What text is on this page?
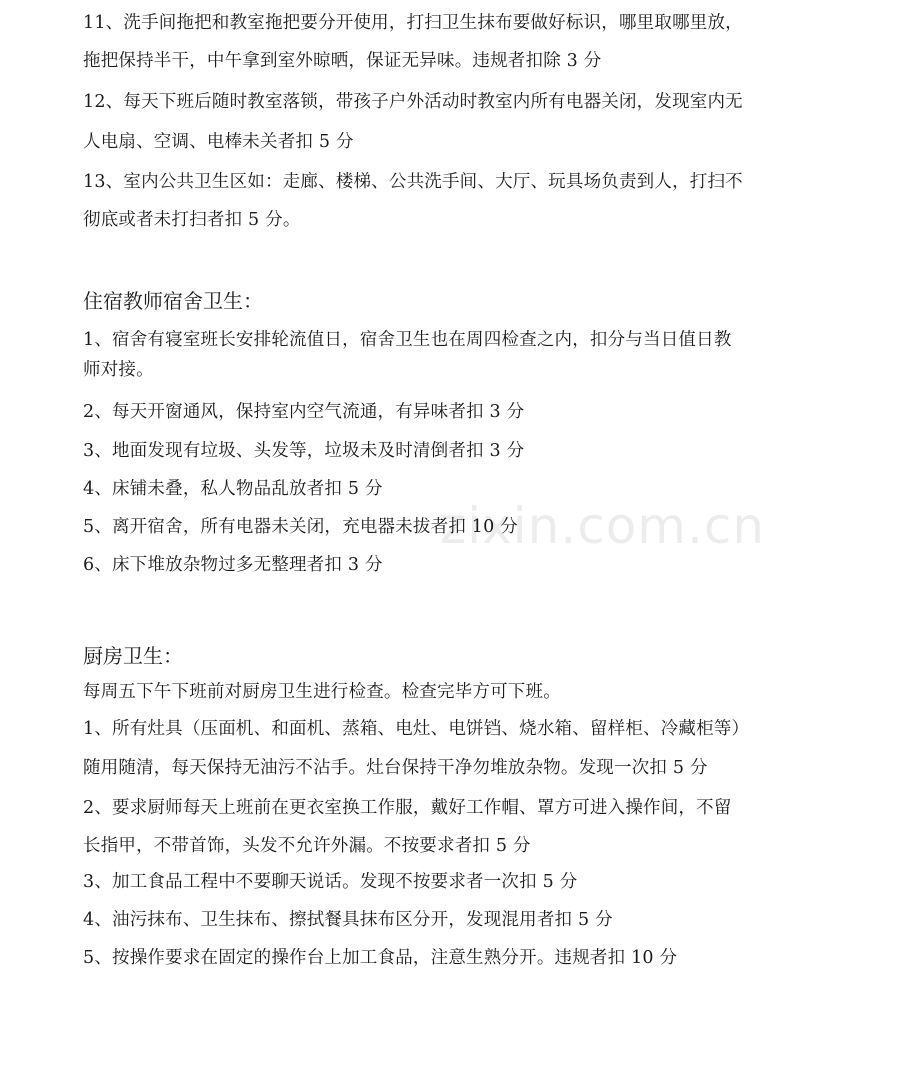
11、洗手间拖把和教室拖把要分开使用，打扫卫生抹布要做好标识，哪里取哪里放，
拖把保持半干，中午拿到室外晾晒，保证无异味。违规者扣除 3 分
12、每天下班后随时教室落锁，带孩子户外活动时教室内所有电器关闭，发现室内无
人电扇、空调、电棒未关者扣 5 分
13、室内公共卫生区如：走廊、楼梯、公共洗手间、大厅、玩具场负责到人，打扫不
彻底或者未打扫者扣 5 分。
住宿教师宿舍卫生：
1、宿舍有寝室班长安排轮流值日，宿舍卫生也在周四检查之内，扣分与当日值日教
师对接。
2、每天开窗通风，保持室内空气流通，有异味者扣 3 分
3、地面发现有垃圾、头发等，垃圾未及时清倒者扣 3 分
4、床铺未叠，私人物品乱放者扣 5 分
5、离开宿舍，所有电器未关闭，充电器未拔者扣 10 分
6、床下堆放杂物过多无整理者扣 3 分
厨房卫生：
每周五下午下班前对厨房卫生进行检查。检查完毕方可下班。
1、所有灶具（压面机、和面机、蒸箱、电灶、电饼铛、烧水箱、留样柜、冷藏柜等）
随用随清，每天保持无油污不沾手。灶台保持干净勿堆放杂物。发现一次扣 5 分
2、要求厨师每天上班前在更衣室换工作服，戴好工作帽、罩方可进入操作间，不留
长指甲，不带首饰，头发不允许外漏。不按要求者扣 5 分
3、加工食品工程中不要聊天说话。发现不按要求者一次扣 5 分
4、油污抹布、卫生抹布、擦拭餐具抹布区分开，发现混用者扣 5 分
5、按操作要求在固定的操作台上加工食品，注意生熟分开。违规者扣 10 分
zixin.com.cn
